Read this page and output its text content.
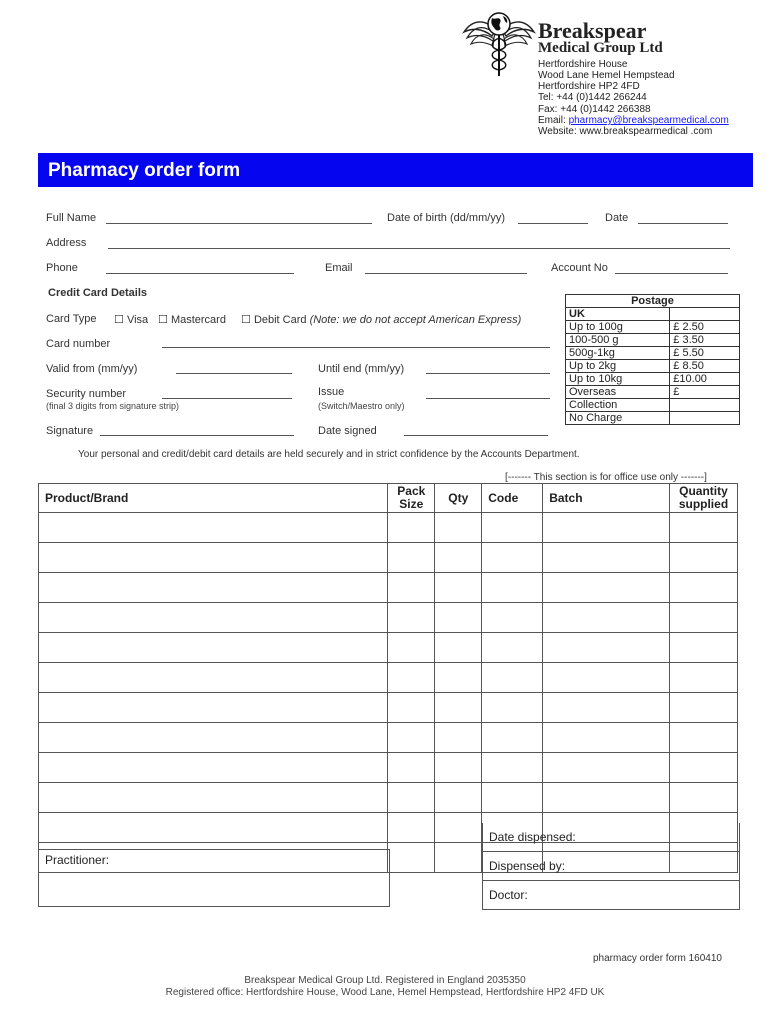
Breakspear
Medical Group Ltd
Hertfordshire House
Wood Lane Hemel Hempstead
Hertfordshire HP2 4FD
Tel: +44 (0)1442 266244
Fax: +44 (0)1442 266388
Email: pharmacy@breakspearmedical.com
Website: www.breakspearmedical .com
Pharmacy order form
Full Name	Date of birth (dd/mm/yy)	Date
Address
Phone	Email	Account No
Credit Card Details
Card Type ☐ Visa ☐ Mastercard ☐ Debit Card (Note: we do not accept American Express)
Card number
Valid from (mm/yy)	Until end (mm/yy)
Security number
(final 3 digits from signature strip)
Issue
(Switch/Maestro only)
Signature	Date signed
Postage	
UK	
Up to 100g	£ 2.50
100-500 g	£ 3.50
500g-1kg	£ 5.50
Up to 2kg	£ 8.50
Up to 10kg	£10.00
Overseas	£
Collection	
No Charge	
Your personal and credit/debit card details are held securely and in strict confidence by the Accounts Department.
[------- This section is for office use only -------]
Product/Brand	Pack Size	Qty	Code	Batch	Quantity supplied

Date dispensed:
Dispensed by:
Doctor:
Practitioner:
pharmacy order form 160410
Breakspear Medical Group Ltd. Registered in England 2035350
Registered office: Hertfordshire House, Wood Lane, Hemel Hempstead, Hertfordshire HP2 4FD UK
